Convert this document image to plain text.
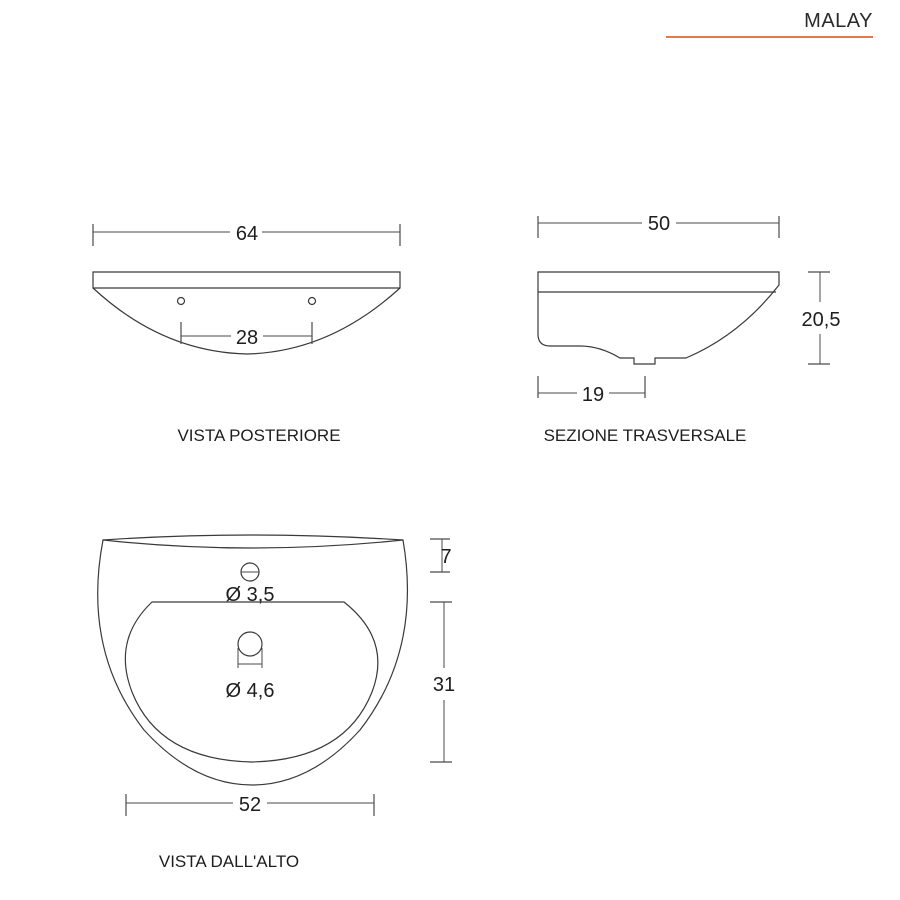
MALAY
64
28
VISTA POSTERIORE
50
20,5
19
SEZIONE TRASVERSALE
Ø 3,5
Ø 4,6
7
31
52
VISTA DALL'ALTO
